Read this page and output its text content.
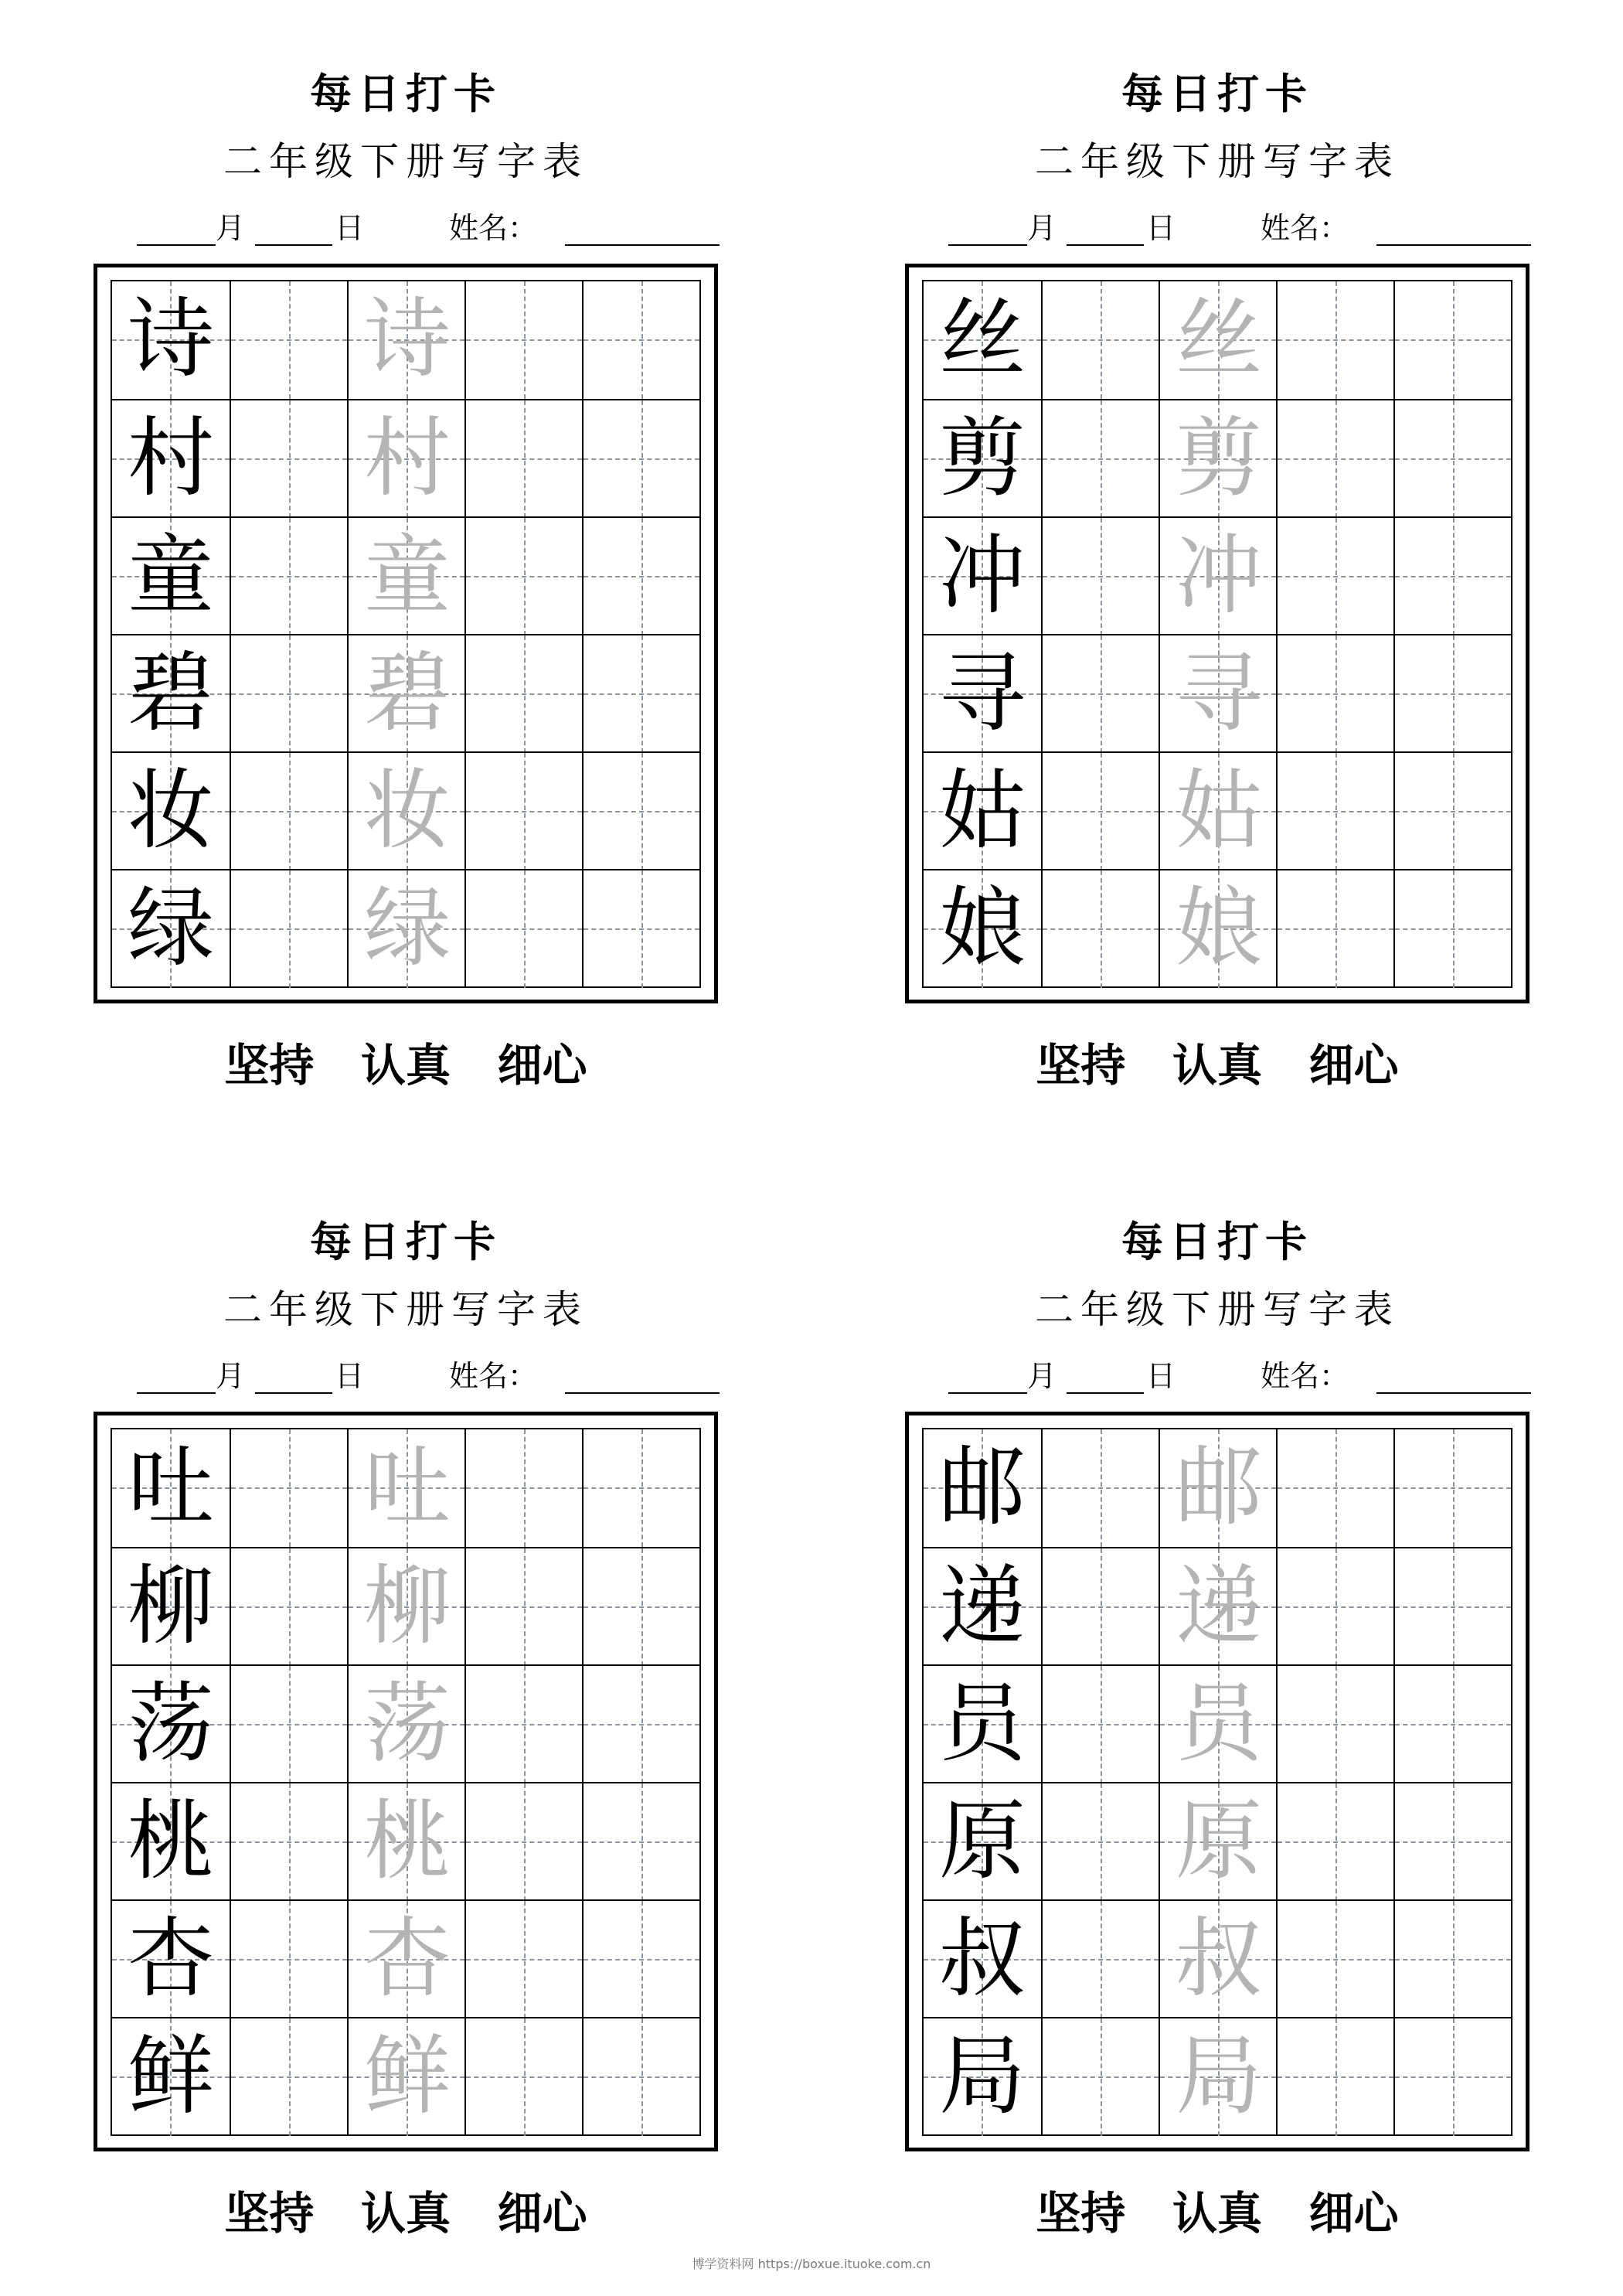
每日打卡
二年级下册写字表
月	日	姓名：
诗 诗
村 村
童 童
碧 碧
妆 妆
绿 绿
坚持   认真   细心
每日打卡
二年级下册写字表
月	日	姓名：
丝 丝
剪 剪
冲 冲
寻 寻
姑 姑
娘 娘
坚持   认真   细心
每日打卡
二年级下册写字表
月	日	姓名：
吐 吐
柳 柳
荡 荡
桃 桃
杏 杏
鲜 鲜
坚持   认真   细心
每日打卡
二年级下册写字表
月	日	姓名：
邮 邮
递 递
员 员
原 原
叔 叔
局 局
坚持   认真   细心
博学资料网 https://boxue.ituoke.com.cn
